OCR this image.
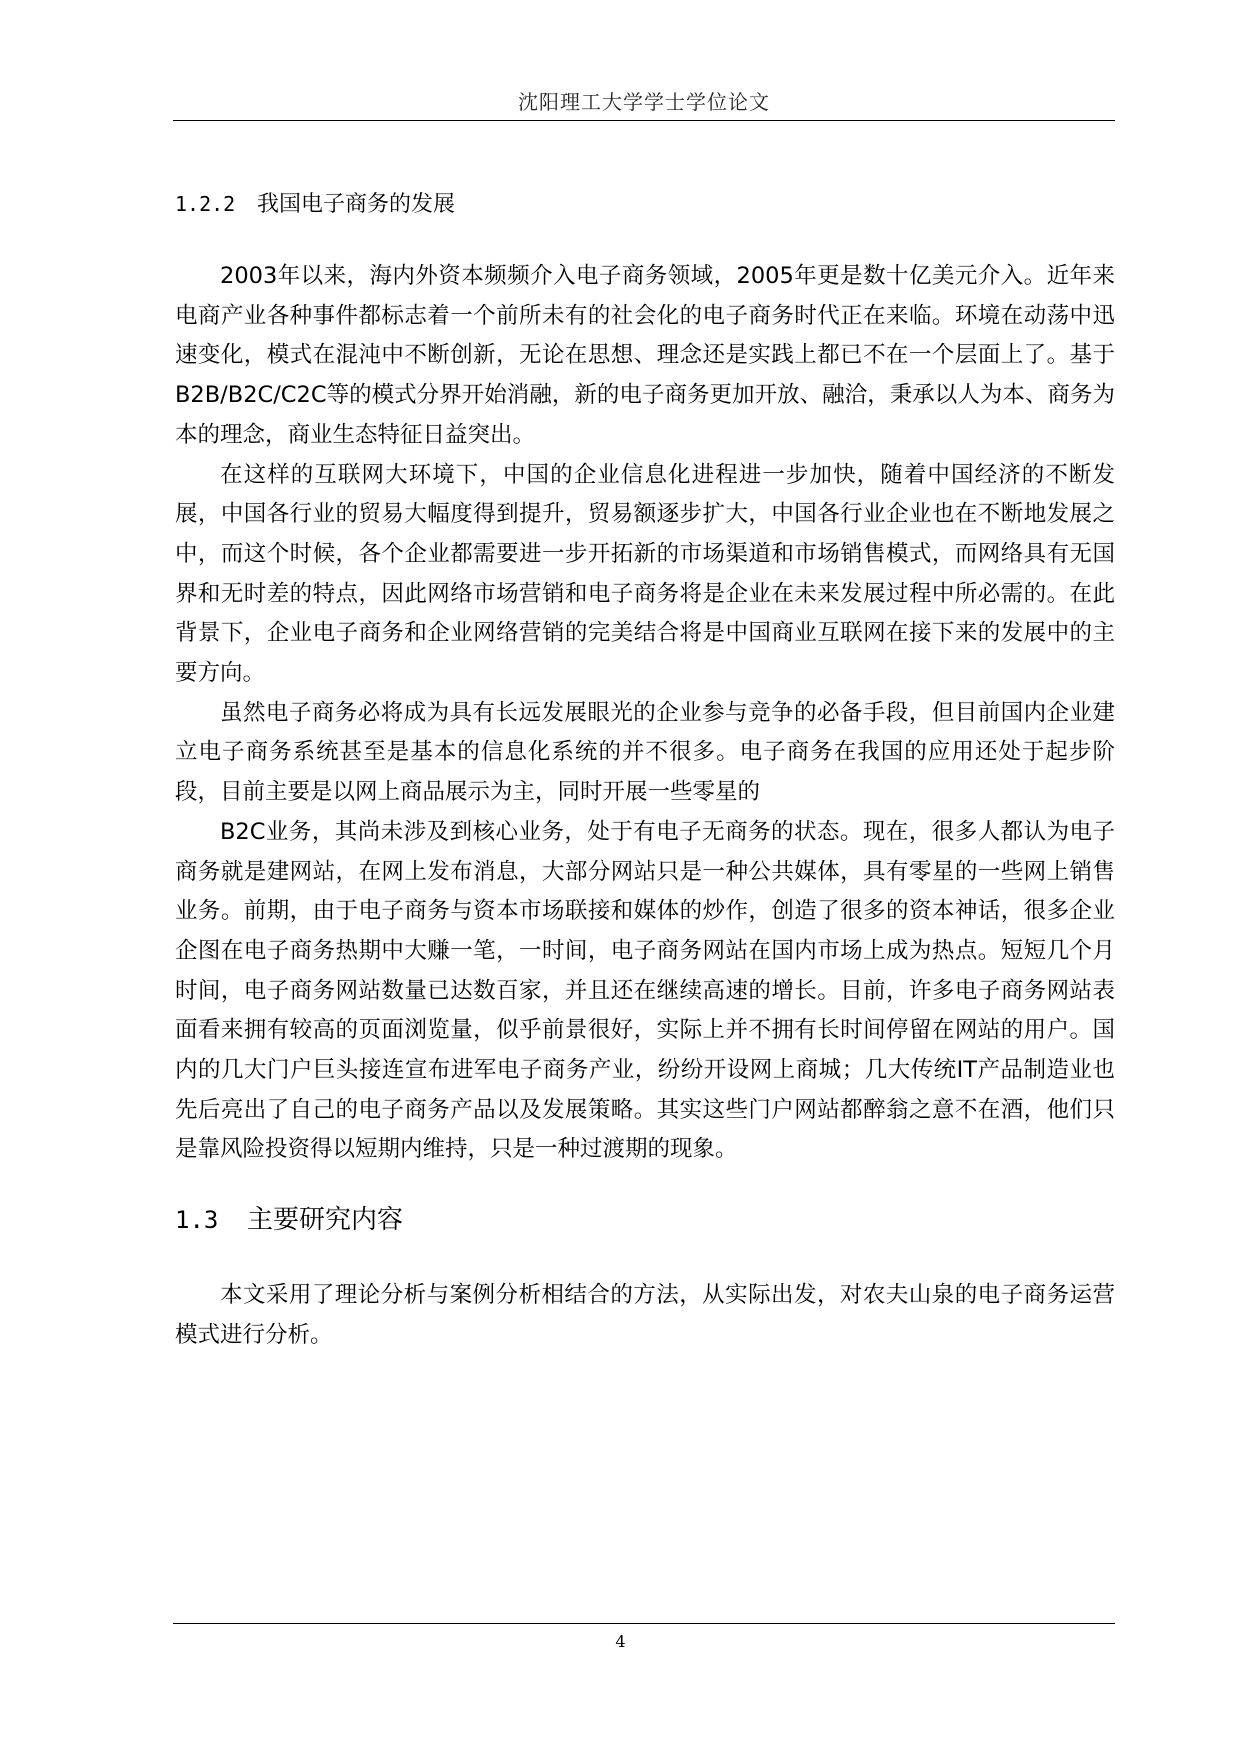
沈阳理工大学学士学位论文
1.2.2 我国电子商务的发展

2003年以来，海内外资本频频介入电子商务领域，2005年更是数十亿美元介入。近年来电商产业各种事件都标志着一个前所未有的社会化的电子商务时代正在来临。环境在动荡中迅速变化，模式在混沌中不断创新，无论在思想、理念还是实践上都已不在一个层面上了。基于B2B/B2C/C2C等的模式分界开始消融，新的电子商务更加开放、融洽，秉承以人为本、商务为本的理念，商业生态特征日益突出。

在这样的互联网大环境下，中国的企业信息化进程进一步加快，随着中国经济的不断发展，中国各行业的贸易大幅度得到提升，贸易额逐步扩大，中国各行业企业也在不断地发展之中，而这个时候，各个企业都需要进一步开拓新的市场渠道和市场销售模式，而网络具有无国界和无时差的特点，因此网络市场营销和电子商务将是企业在未来发展过程中所必需的。在此背景下，企业电子商务和企业网络营销的完美结合将是中国商业互联网在接下来的发展中的主要方向。

虽然电子商务必将成为具有长远发展眼光的企业参与竞争的必备手段，但目前国内企业建立电子商务系统甚至是基本的信息化系统的并不很多。电子商务在我国的应用还处于起步阶段，目前主要是以网上商品展示为主，同时开展一些零星的

B2C业务，其尚未涉及到核心业务，处于有电子无商务的状态。现在，很多人都认为电子商务就是建网站，在网上发布消息，大部分网站只是一种公共媒体，具有零星的一些网上销售业务。前期，由于电子商务与资本市场联接和媒体的炒作，创造了很多的资本神话，很多企业企图在电子商务热期中大赚一笔，一时间，电子商务网站在国内市场上成为热点。短短几个月时间，电子商务网站数量已达数百家，并且还在继续高速的增长。目前，许多电子商务网站表面看来拥有较高的页面浏览量，似乎前景很好，实际上并不拥有长时间停留在网站的用户。国内的几大门户巨头接连宣布进军电子商务产业，纷纷开设网上商城；几大传统IT产品制造业也先后亮出了自己的电子商务产品以及发展策略。其实这些门户网站都醉翁之意不在酒，他们只是靠风险投资得以短期内维持，只是一种过渡期的现象。

1.3 主要研究内容

本文采用了理论分析与案例分析相结合的方法，从实际出发，对农夫山泉的电子商务运营模式进行分析。

4
